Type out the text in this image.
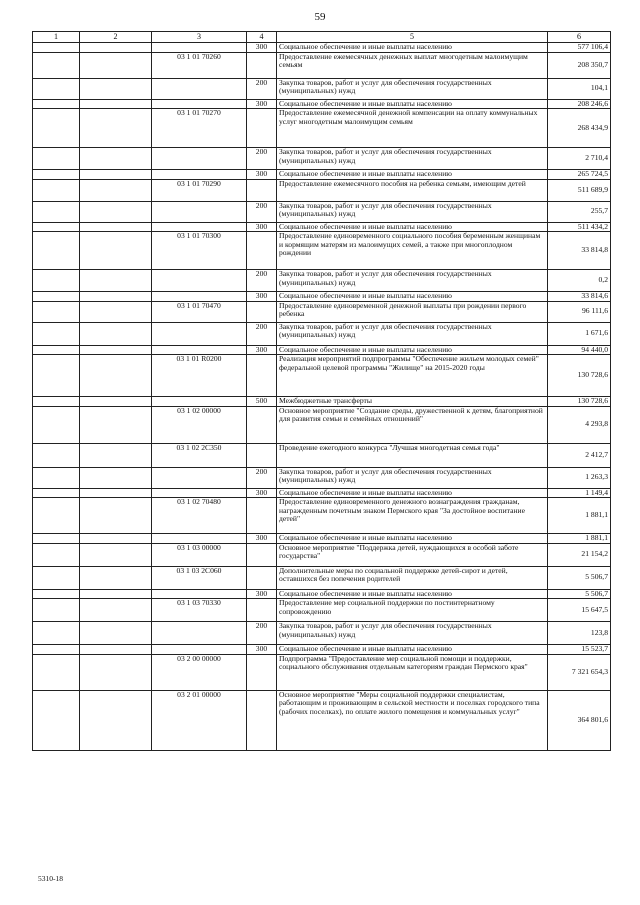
59
1	2	3	4	5	6
			300	Социальное обеспечение и иные выплаты населению	577 106,4
		03 1 01 70260		Предоставление ежемесячных денежных выплат многодетным малоимущим семьям	208 350,7
			200	Закупка товаров, работ и услуг для обеспечения государственных (муниципальных) нужд	104,1
			300	Социальное обеспечение и иные выплаты населению	208 246,6
		03 1 01 70270		Предоставление ежемесячной денежной компенсации на оплату коммунальных услуг многодетным малоимущим семьям	268 434,9
			200	Закупка товаров, работ и услуг для обеспечения государственных (муниципальных) нужд	2 710,4
			300	Социальное обеспечение и иные выплаты населению	265 724,5
		03 1 01 70290		Предоставление ежемесячного пособия на ребенка семьям, имеющим детей	511 689,9
			200	Закупка товаров, работ и услуг для обеспечения государственных (муниципальных) нужд	255,7
			300	Социальное обеспечение и иные выплаты населению	511 434,2
		03 1 01 70300		Предоставление единовременного социального пособия беременным женщинам и кормящим матерям из малоимущих семей, а также при многоплодном рождении	33 814,8
			200	Закупка товаров, работ и услуг для обеспечения государственных (муниципальных) нужд	0,2
			300	Социальное обеспечение и иные выплаты населению	33 814,6
		03 1 01 70470		Предоставление единовременной денежной выплаты при рождении первого ребенка	96 111,6
			200	Закупка товаров, работ и услуг для обеспечения государственных (муниципальных) нужд	1 671,6
			300	Социальное обеспечение и иные выплаты населению	94 440,0
		03 1 01 R0200		Реализация мероприятий подпрограммы "Обеспечение жильем молодых семей" федеральной целевой программы "Жилище" на 2015-2020 годы	130 728,6
			500	Межбюджетные трансферты	130 728,6
		03 1 02 00000		Основное мероприятие "Создание среды, дружественной к детям, благоприятной для развития семьи и семейных отношений"	4 293,8
		03 1 02 2С350		Проведение ежегодного конкурса "Лучшая многодетная семья года"	2 412,7
			200	Закупка товаров, работ и услуг для обеспечения государственных (муниципальных) нужд	1 263,3
			300	Социальное обеспечение и иные выплаты населению	1 149,4
		03 1 02 70480		Предоставление единовременного денежного вознаграждения гражданам, награжденным почетным знаком Пермского края "За достойное воспитание детей"	1 881,1
			300	Социальное обеспечение и иные выплаты населению	1 881,1
		03 1 03 00000		Основное мероприятие "Поддержка детей, нуждающихся в особой заботе государства"	21 154,2
		03 1 03 2С060		Дополнительные меры по социальной поддержке детей-сирот и детей, оставшихся без попечения родителей	5 506,7
			300	Социальное обеспечение и иные выплаты населению	5 506,7
		03 1 03 70330		Предоставление мер социальной поддержки по постинтернатному сопровождению	15 647,5
			200	Закупка товаров, работ и услуг для обеспечения государственных (муниципальных) нужд	123,8
			300	Социальное обеспечение и иные выплаты населению	15 523,7
		03 2 00 00000		Подпрограмма "Предоставление мер социальной помощи и поддержки, социального обслуживания отдельным категориям граждан Пермского края"	7 321 654,3
		03 2 01 00000		Основное мероприятие "Меры социальной поддержки специалистам, работающим и проживающим в сельской местности и поселках городского типа (рабочих поселках), по оплате жилого помещения и коммунальных услуг"	364 801,6
5310-18
